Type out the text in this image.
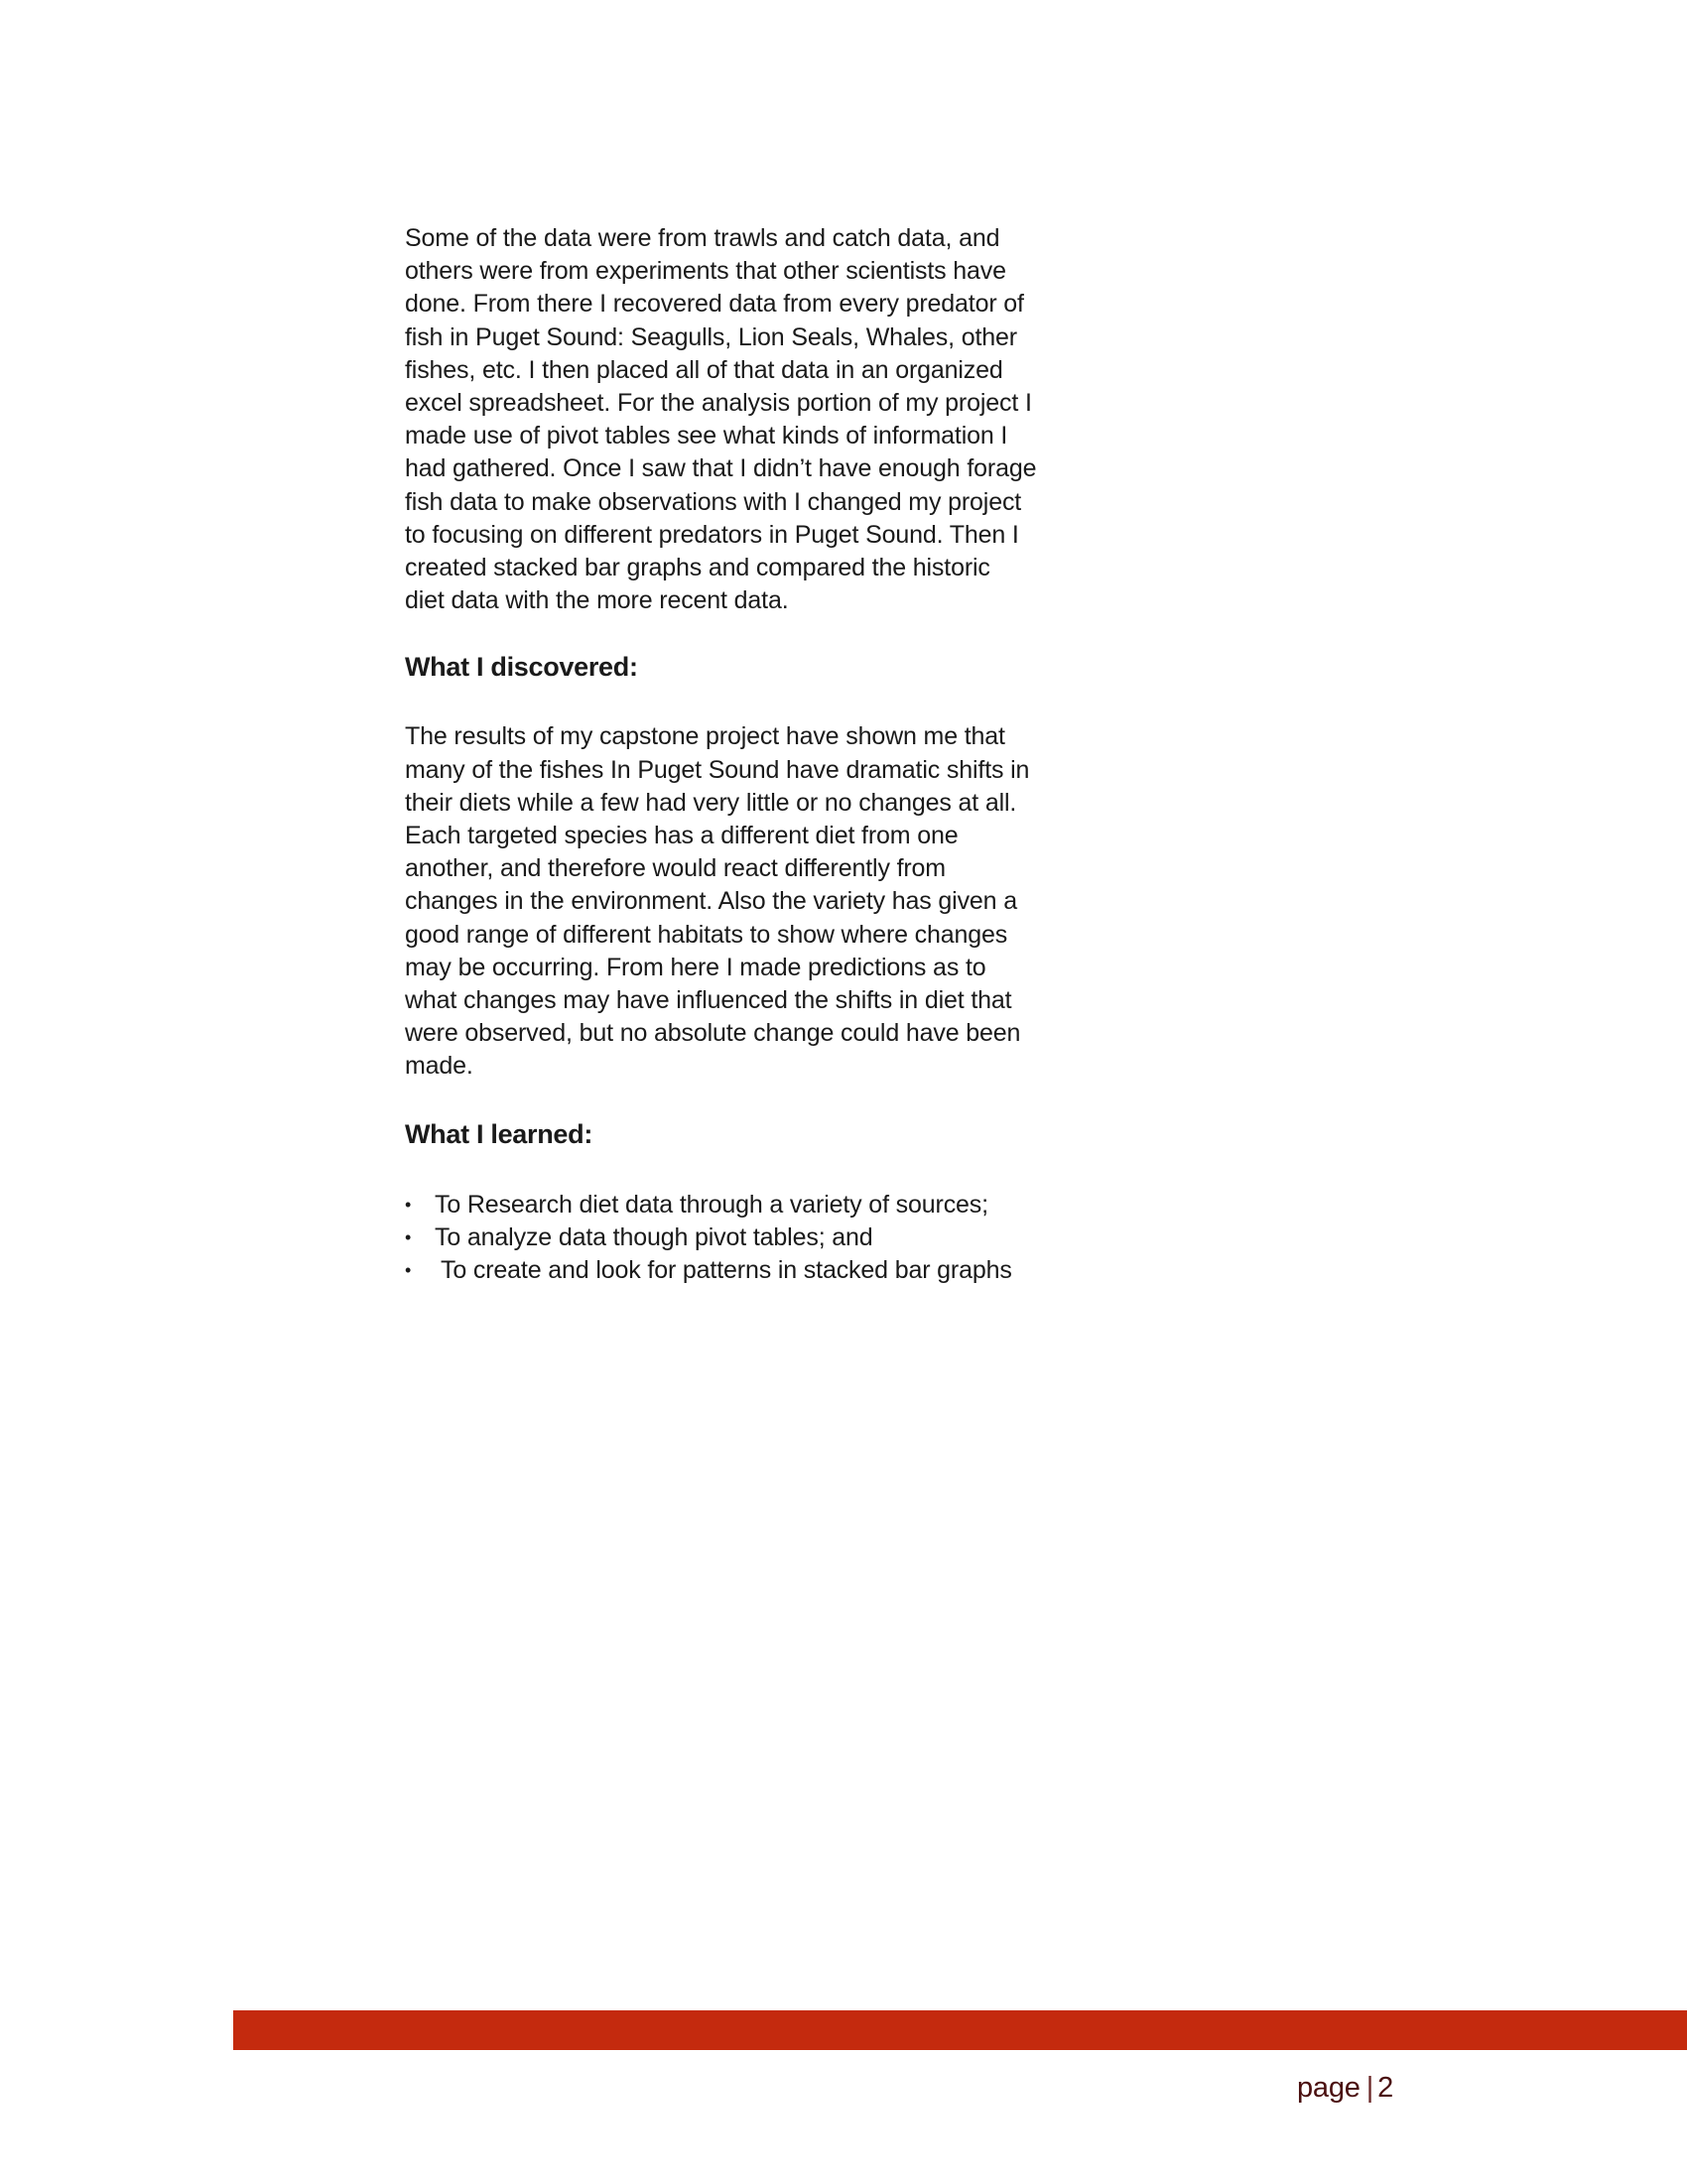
Some of the data were from trawls and catch data, and
others were from experiments that other scientists have
done. From there I recovered data from every predator of
fish in Puget Sound: Seagulls, Lion Seals, Whales, other
fishes, etc. I then placed all of that data in an organized
excel spreadsheet. For the analysis portion of my project I
made use of pivot tables see what kinds of information I
had gathered. Once I saw that I didn’t have enough forage
fish data to make observations with I changed my project
to focusing on different predators in Puget Sound. Then I
created stacked bar graphs and compared the historic
diet data with the more recent data.

What I discovered:

The results of my capstone project have shown me that
many of the fishes In Puget Sound have dramatic shifts in
their diets while a few had very little or no changes at all.
Each targeted species has a different diet from one
another, and therefore would react differently from
changes in the environment. Also the variety has given a
good range of different habitats to show where changes
may be occurring. From here I made predictions as to
what changes may have influenced the shifts in diet that
were observed, but no absolute change could have been
made.

What I learned:
• To Research diet data through a variety of sources;
• To analyze data though pivot tables; and
•	To create and look for patterns in stacked bar graphs
page | 2
